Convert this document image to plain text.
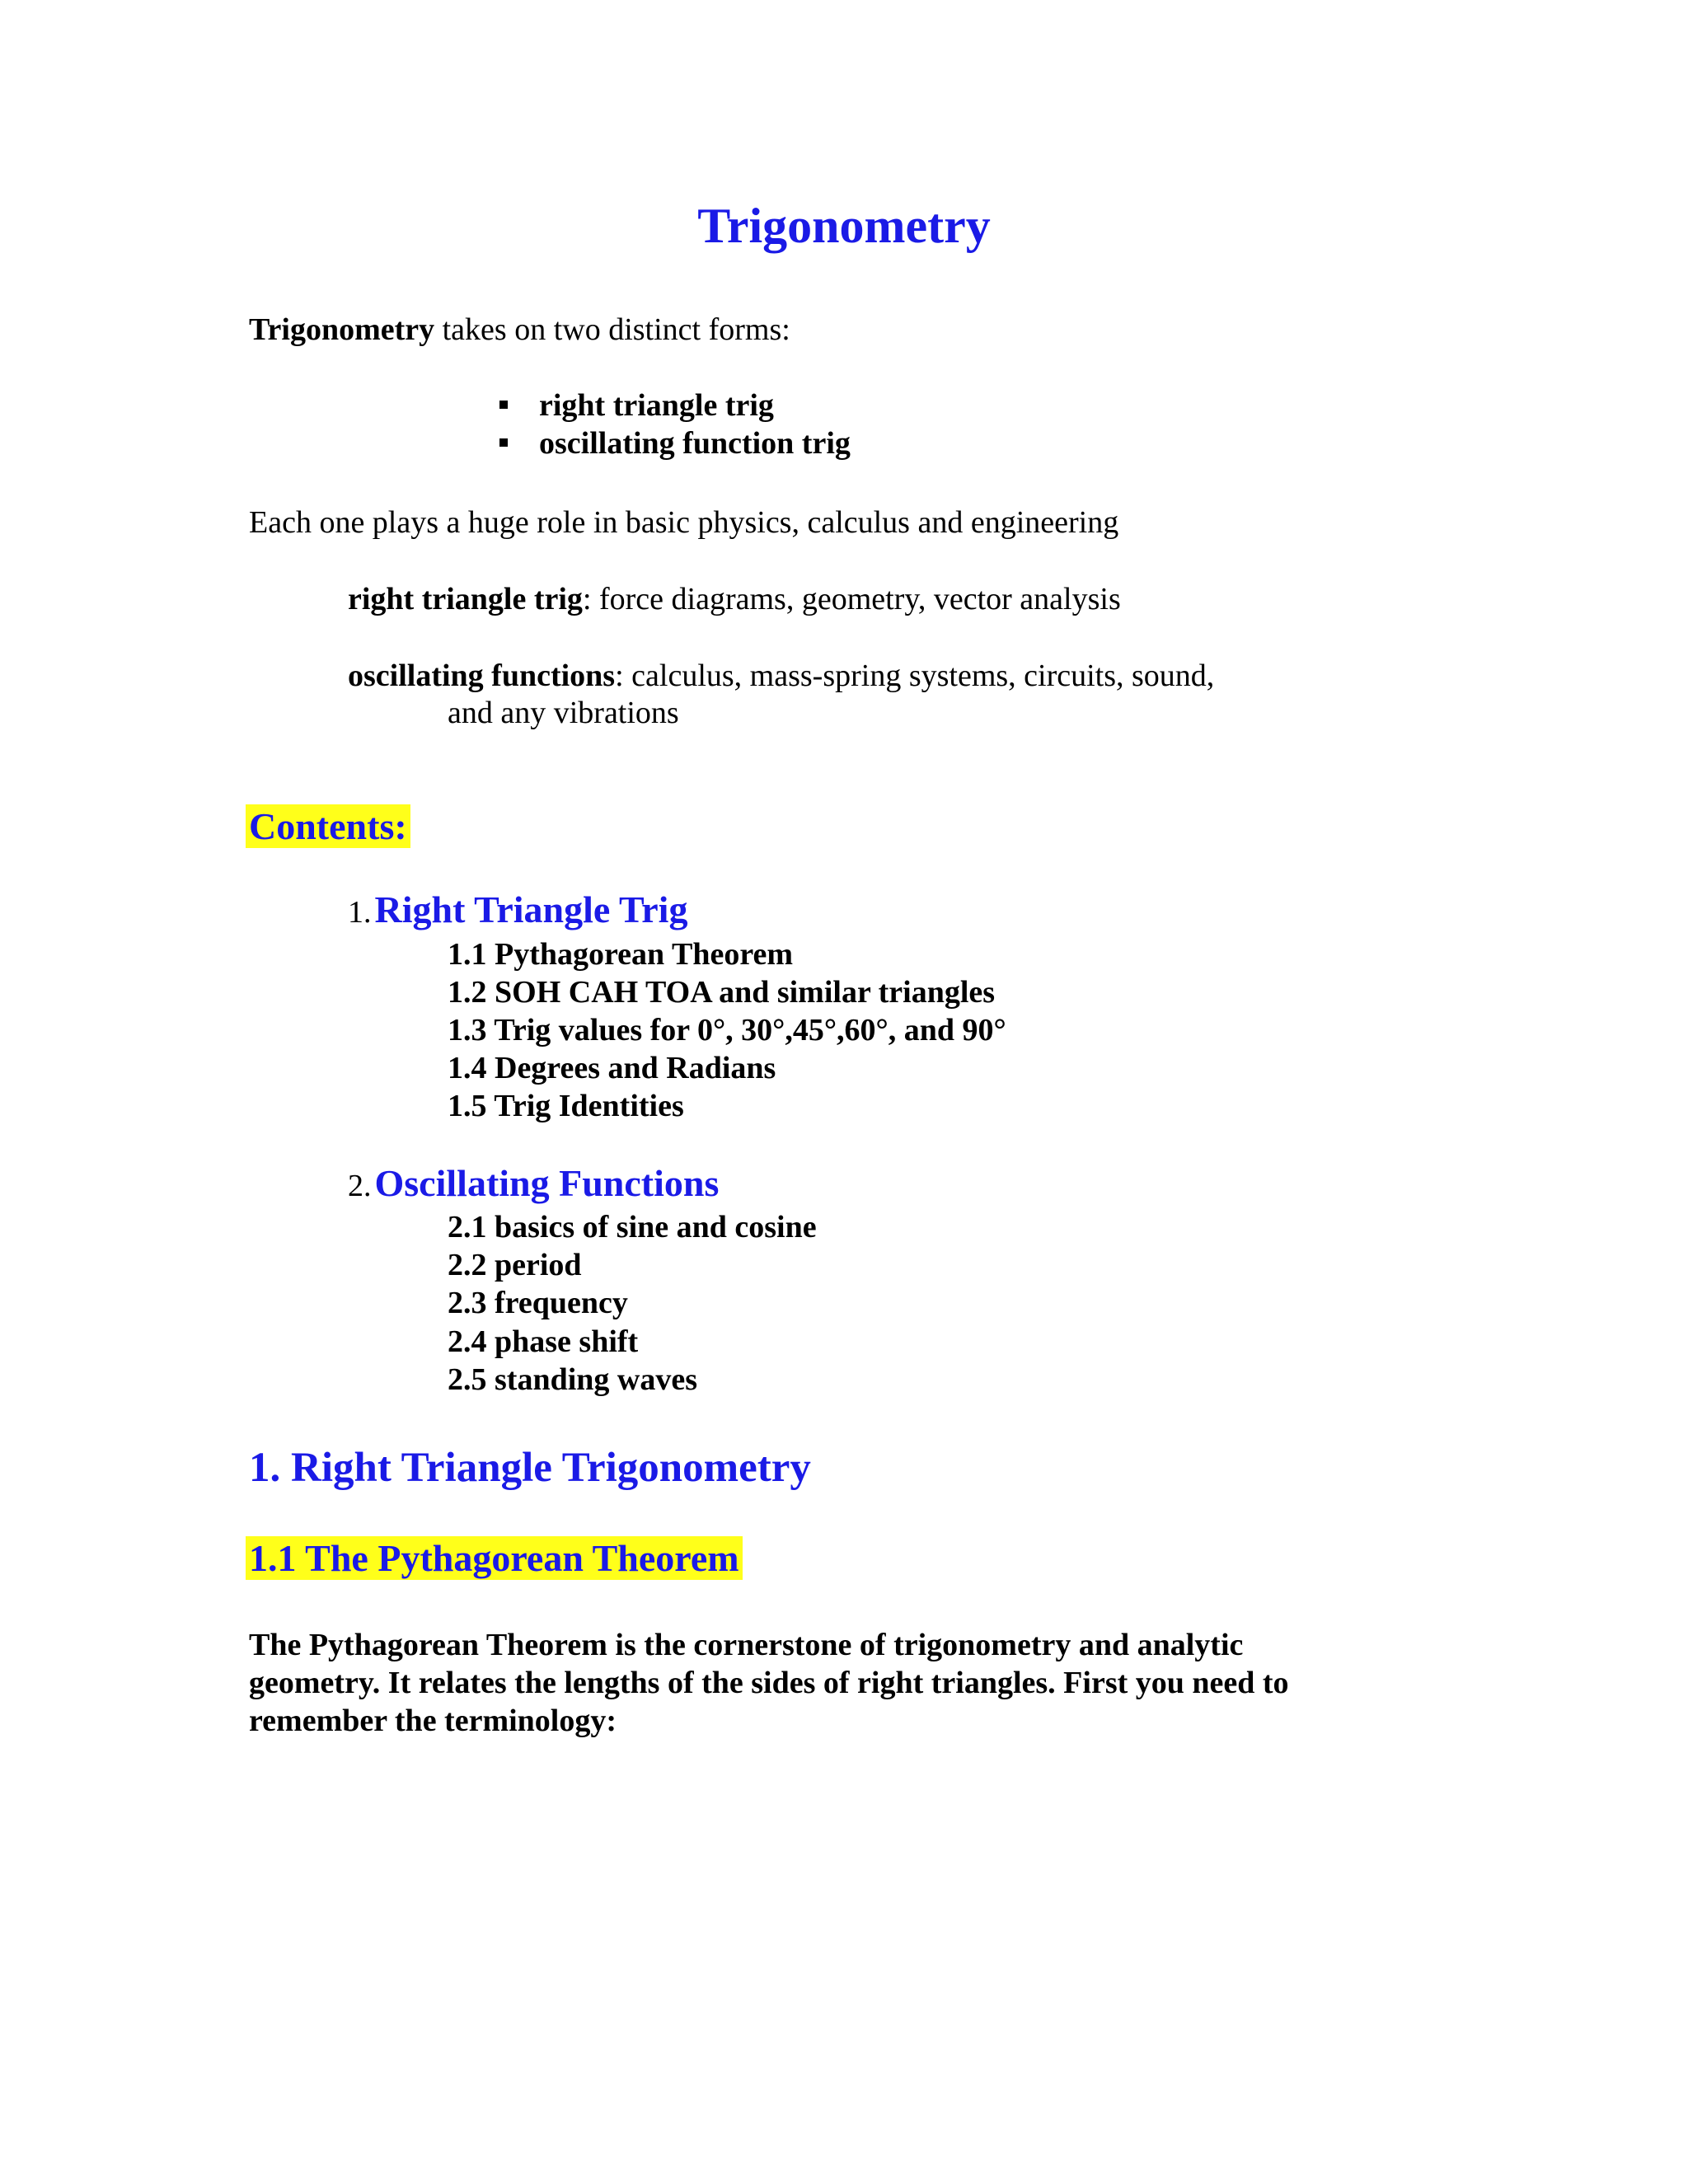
Trigonometry
Trigonometry takes on two distinct forms:
right triangle trig
oscillating function trig
Each one plays a huge role in basic physics, calculus and engineering
right triangle trig: force diagrams, geometry, vector analysis
oscillating functions: calculus, mass-spring systems, circuits, sound,
and any vibrations
Contents:
1. Right Triangle Trig
1.1 Pythagorean Theorem
1.2 SOH CAH TOA and similar triangles
1.3 Trig values for 0°, 30°,45°,60°, and 90°
1.4 Degrees and Radians
1.5 Trig Identities
2. Oscillating Functions
2.1 basics of sine and cosine
2.2 period
2.3 frequency
2.4 phase shift
2.5 standing waves
1. Right Triangle Trigonometry
1.1 The Pythagorean Theorem
The Pythagorean Theorem is the cornerstone of trigonometry and analytic
geometry. It relates the lengths of the sides of right triangles. First you need to
remember the terminology:
